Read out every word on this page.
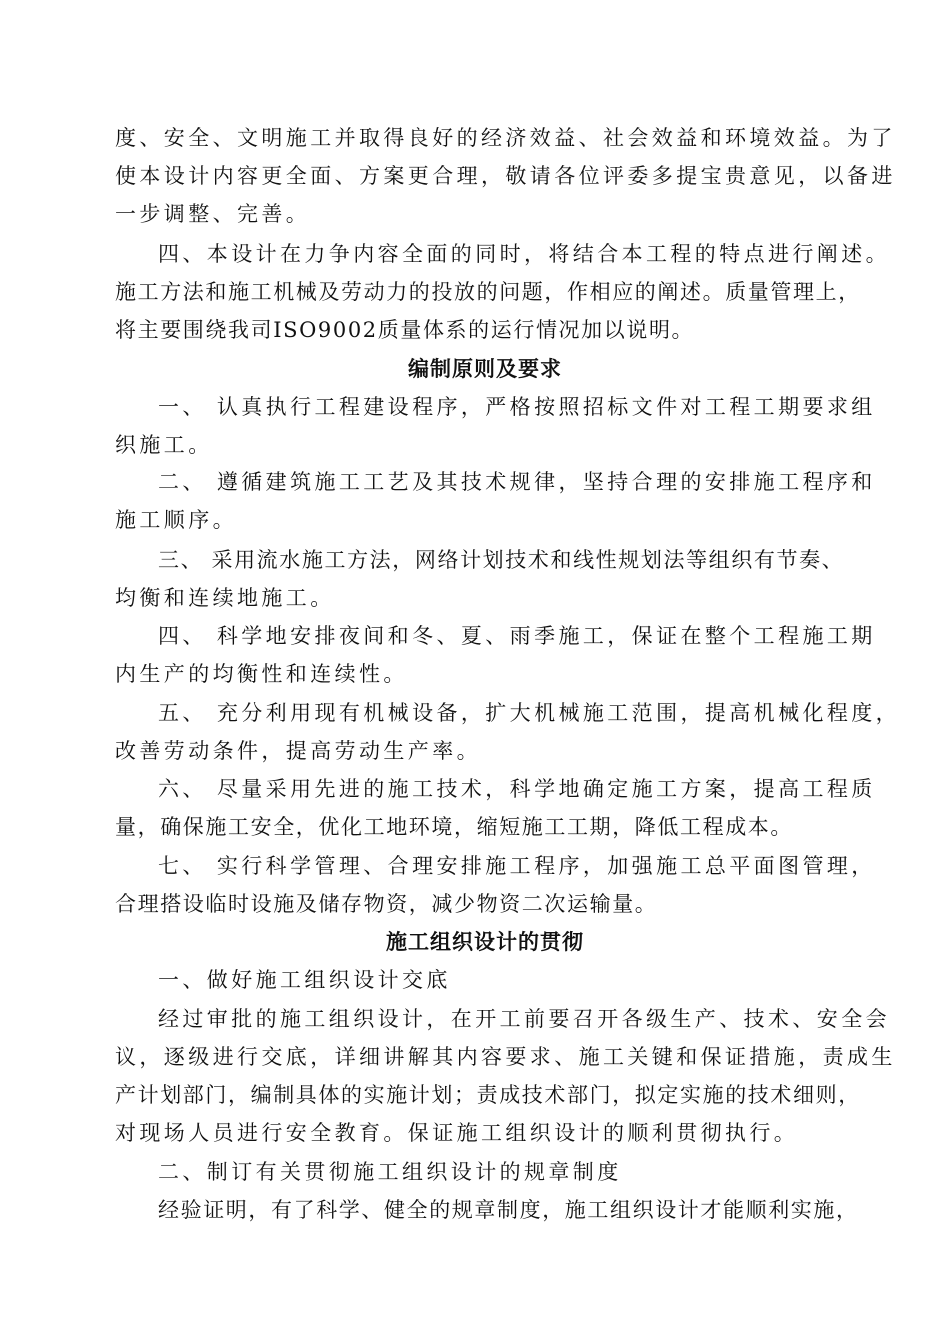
度、安全、文明施工并取得良好的经济效益、社会效益和环境效益。为了
使本设计内容更全面、方案更合理，敬请各位评委多提宝贵意见，以备进
一步调整、完善。
四、本设计在力争内容全面的同时，将结合本工程的特点进行阐述。
施工方法和施工机械及劳动力的投放的问题，作相应的阐述。质量管理上，
将主要围绕我司ISO9002质量体系的运行情况加以说明。
编制原则及要求
一、 认真执行工程建设程序，严格按照招标文件对工程工期要求组
织施工。
二、 遵循建筑施工工艺及其技术规律，坚持合理的安排施工程序和
施工顺序。
三、 采用流水施工方法，网络计划技术和线性规划法等组织有节奏、
均衡和连续地施工。
四、 科学地安排夜间和冬、夏、雨季施工，保证在整个工程施工期
内生产的均衡性和连续性。
五、 充分利用现有机械设备，扩大机械施工范围，提高机械化程度，
改善劳动条件，提高劳动生产率。
六、 尽量采用先进的施工技术，科学地确定施工方案，提高工程质
量，确保施工安全，优化工地环境，缩短施工工期，降低工程成本。
七、 实行科学管理、合理安排施工程序，加强施工总平面图管理，
合理搭设临时设施及储存物资，减少物资二次运输量。
施工组织设计的贯彻
一、做好施工组织设计交底
经过审批的施工组织设计，在开工前要召开各级生产、技术、安全会
议，逐级进行交底，详细讲解其内容要求、施工关键和保证措施，责成生
产计划部门，编制具体的实施计划；责成技术部门，拟定实施的技术细则，
对现场人员进行安全教育。保证施工组织设计的顺利贯彻执行。
二、制订有关贯彻施工组织设计的规章制度
经验证明，有了科学、健全的规章制度，施工组织设计才能顺利实施，
